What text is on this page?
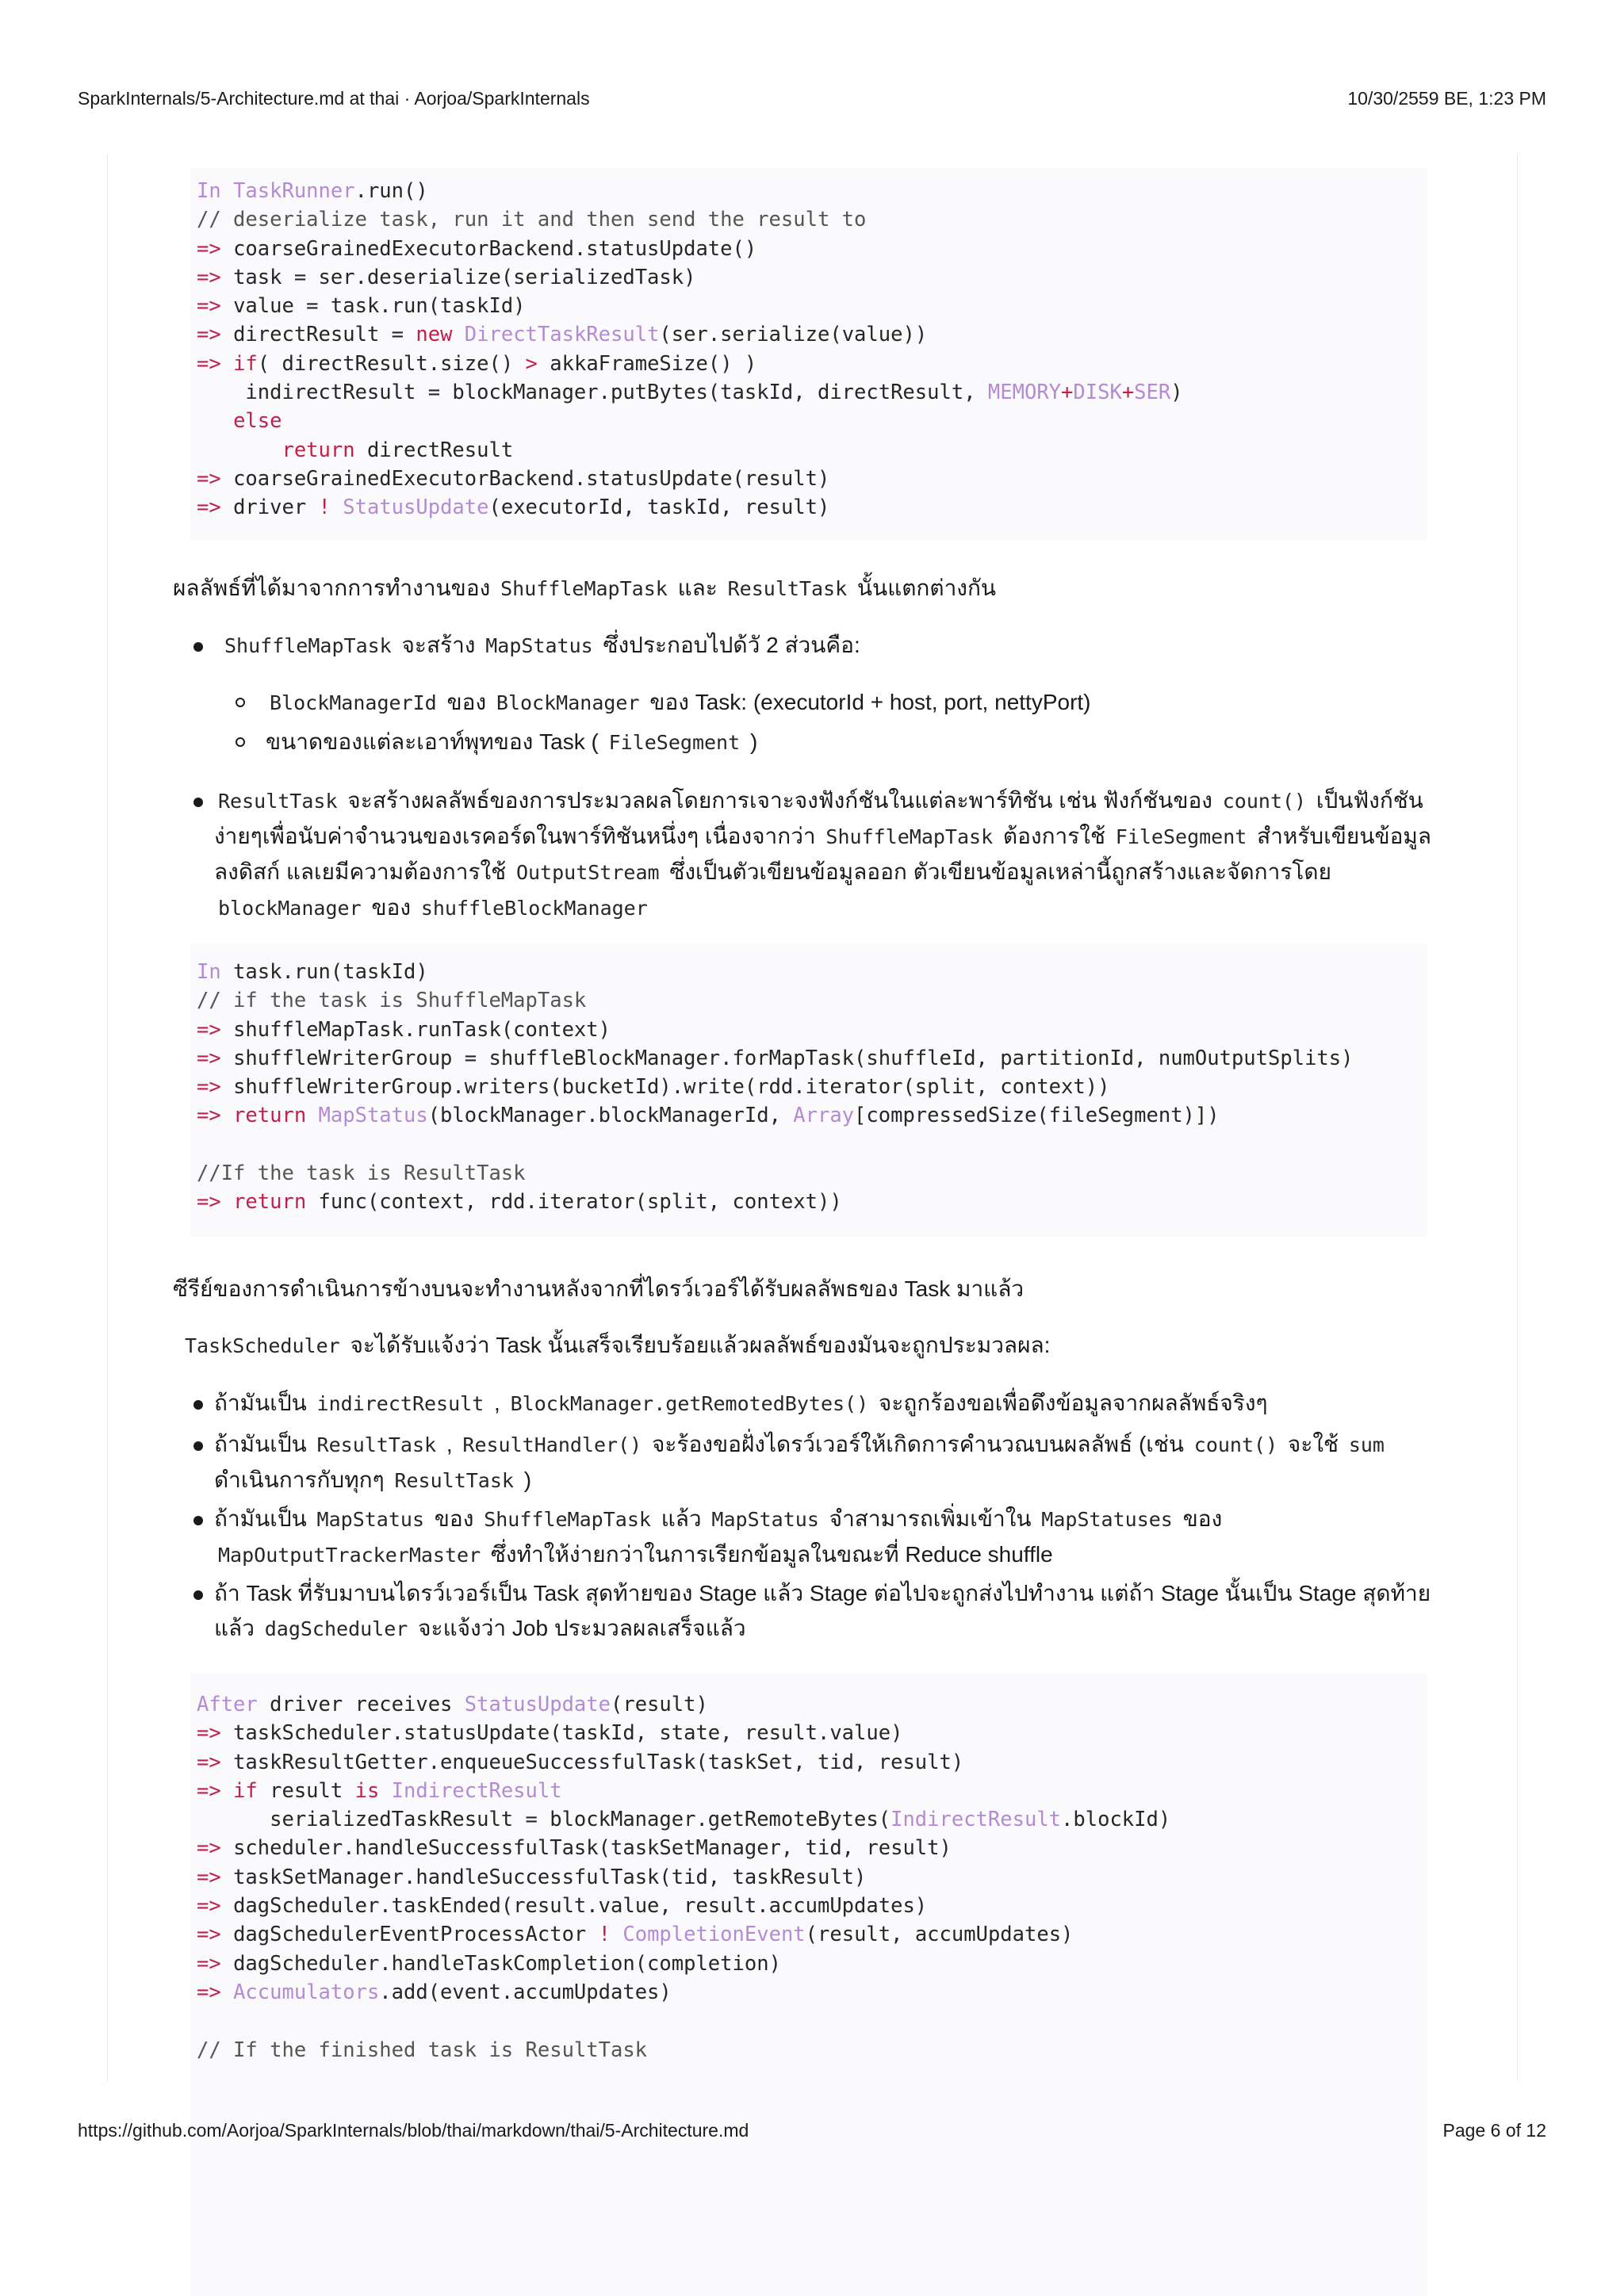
SparkInternals/5-Architecture.md at thai · Aorjoa/SparkInternals	10/30/2559 BE, 1:23 PM
In TaskRunner.run()
// deserialize task, run it and then send the result to
=> coarseGrainedExecutorBackend.statusUpdate()
=> task = ser.deserialize(serializedTask)
=> value = task.run(taskId)
=> directResult = new DirectTaskResult(ser.serialize(value))
=> if( directResult.size() > akkaFrameSize() )
indirectResult = blockManager.putBytes(taskId, directResult, MEMORY+DISK+SER)
else
return directResult
=> coarseGrainedExecutorBackend.statusUpdate(result)
=> driver ! StatusUpdate(executorId, taskId, result)
ผลลัพธ์ที่ได้มาจากการทำงานของ ShuffleMapTask และ ResultTask นั้นแตกต่างกัน
ShuffleMapTask จะสร้าง MapStatus ซึ่งประกอบไปด้วั 2 ส่วนคือ:
BlockManagerId ของ BlockManager ของ Task: (executorId + host, port, nettyPort)
ขนาดของแต่ละเอาท์พุทของ Task ( FileSegment )
ResultTask จะสร้างผลลัพธ์ของการประมวลผลโดยการเจาะจงฟังก์ชันในแต่ละพาร์ทิชัน เช่น ฟังก์ชันของ count() เป็นฟังก์ชัน
ง่ายๆเพื่อนับค่าจำนวนของเรคอร์ดในพาร์ทิชันหนึ่งๆ เนื่องจากว่า ShuffleMapTask ต้องการใช้ FileSegment สำหรับเขียนข้อมูล
ลงดิสก์ แลเยมีความต้องการใช้ OutputStream ซึ่งเป็นตัวเขียนข้อมูลออก ตัวเขียนข้อมูลเหล่านี้ถูกสร้างและจัดการโดย
blockManager ของ shuffleBlockManager
In task.run(taskId)
// if the task is ShuffleMapTask
=> shuffleMapTask.runTask(context)
=> shuffleWriterGroup = shuffleBlockManager.forMapTask(shuffleId, partitionId, numOutputSplits)
=> shuffleWriterGroup.writers(bucketId).write(rdd.iterator(split, context))
=> return MapStatus(blockManager.blockManagerId, Array[compressedSize(fileSegment)])
//If the task is ResultTask
=> return func(context, rdd.iterator(split, context))
ซีรีย์ของการดำเนินการข้างบนจะทำงานหลังจากที่ไดรว์เวอร์ได้รับผลลัพธของ Task มาแล้ว
TaskScheduler จะได้รับแจ้งว่า Task นั้นเสร็จเรียบร้อยแล้วผลลัพธ์ของมันจะถูกประมวลผล:
ถ้ามันเป็น indirectResult , BlockManager.getRemotedBytes() จะถูกร้องขอเพื่อดึงข้อมูลจากผลลัพธ์จริงๆ
ถ้ามันเป็น ResultTask , ResultHandler() จะร้องขอฝั่งไดรว์เวอร์ให้เกิดการคำนวณบนผลลัพธ์ (เช่น count() จะใช้ sum
ดำเนินการกับทุกๆ ResultTask )
ถ้ามันเป็น MapStatus ของ ShuffleMapTask แล้ว MapStatus จำสามารถเพิ่มเข้าใน MapStatuses ของ
MapOutputTrackerMaster ซึ่งทำให้ง่ายกว่าในการเรียกข้อมูลในขณะที่ Reduce shuffle
ถ้า Task ที่รับมาบนไดรว์เวอร์เป็น Task สุดท้ายของ Stage แล้ว Stage ต่อไปจะถูกส่งไปทำงาน แต่ถ้า Stage นั้นเป็น Stage สุดท้าย
แล้ว dagScheduler จะแจ้งว่า Job ประมวลผลเสร็จแล้ว
After driver receives StatusUpdate(result)
=> taskScheduler.statusUpdate(taskId, state, result.value)
=> taskResultGetter.enqueueSuccessfulTask(taskSet, tid, result)
=> if result is IndirectResult
serializedTaskResult = blockManager.getRemoteBytes(IndirectResult.blockId)
=> scheduler.handleSuccessfulTask(taskSetManager, tid, result)
=> taskSetManager.handleSuccessfulTask(tid, taskResult)
=> dagScheduler.taskEnded(result.value, result.accumUpdates)
=> dagSchedulerEventProcessActor ! CompletionEvent(result, accumUpdates)
=> dagScheduler.handleTaskCompletion(completion)
=> Accumulators.add(event.accumUpdates)
// If the finished task is ResultTask
https://github.com/Aorjoa/SparkInternals/blob/thai/markdown/thai/5-Architecture.md	Page 6 of 12
